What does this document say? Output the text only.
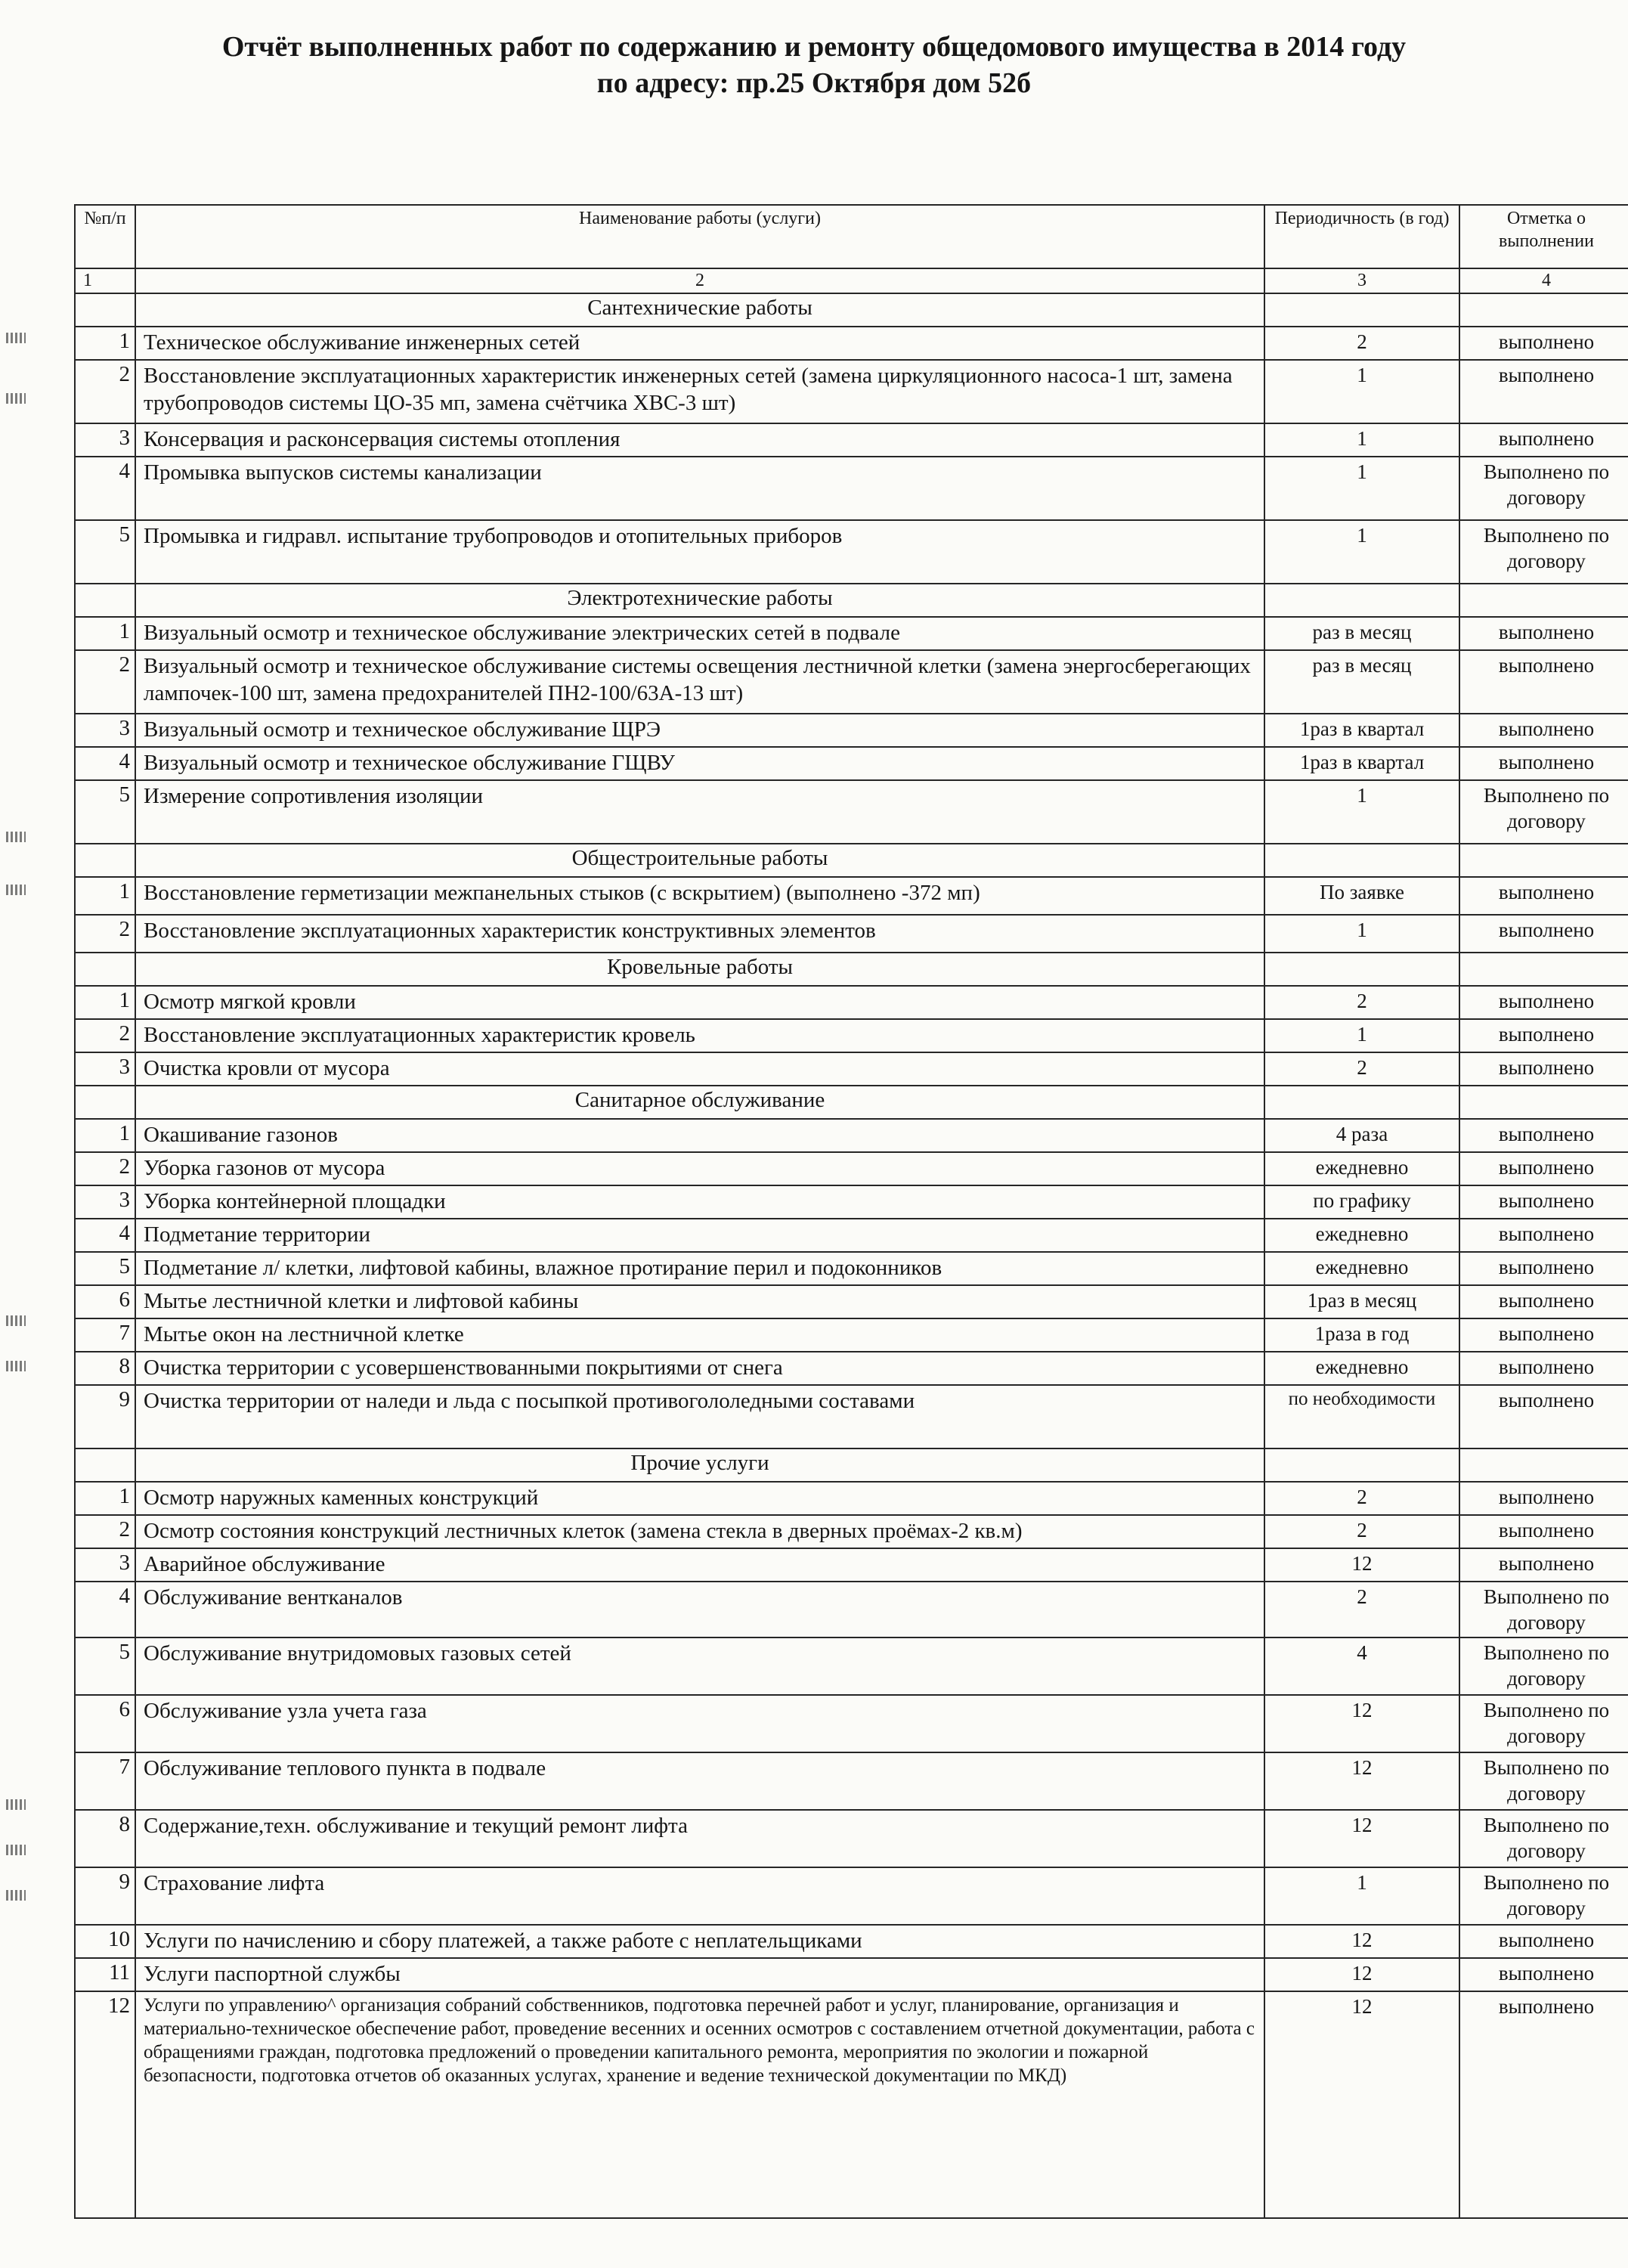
Отчёт выполненных работ по содержанию и ремонту общедомового имущества в 2014 году
по адресу: пр.25 Октября дом 52б
№п/п	Наименование работы (услуги)	Периодичность (в год)	Отметка о выполнении
1	2	3	4
	Сантехнические работы		
1	Техническое обслуживание инженерных сетей	2	выполнено
2	Восстановление эксплуатационных характеристик инженерных сетей (замена циркуляционного насоса-1 шт, замена трубопроводов системы ЦО-35 мп, замена счётчика ХВС-3 шт)	1	выполнено
3	Консервация и расконсервация системы отопления	1	выполнено
4	Промывка выпусков системы канализации	1	Выполнено по договору
5	Промывка и гидравл. испытание трубопроводов и отопительных приборов	1	Выполнено по договору
	Электротехнические работы		
1	Визуальный осмотр и техническое обслуживание электрических сетей в подвале	раз в месяц	выполнено
2	Визуальный осмотр и техническое обслуживание системы освещения лестничной клетки (замена энергосберегающих лампочек-100 шт, замена предохранителей ПН2-100/63А-13 шт)	раз в месяц	выполнено
3	Визуальный осмотр и техническое обслуживание ЩРЭ	1раз в квартал	выполнено
4	Визуальный осмотр и техническое обслуживание ГЩВУ	1раз в квартал	выполнено
5	Измерение сопротивления изоляции	1	Выполнено по договору
	Общестроительные работы		
1	Восстановление герметизации межпанельных стыков (с вскрытием) (выполнено -372 мп)	По заявке	выполнено
2	Восстановление эксплуатационных характеристик конструктивных элементов	1	выполнено
	Кровельные работы		
1	Осмотр мягкой кровли	2	выполнено
2	Восстановление эксплуатационных характеристик кровель	1	выполнено
3	Очистка кровли от мусора	2	выполнено
	Санитарное обслуживание		
1	Окашивание газонов	4 раза	выполнено
2	Уборка газонов от мусора	ежедневно	выполнено
3	Уборка контейнерной площадки	по графику	выполнено
4	Подметание территории	ежедневно	выполнено
5	Подметание л/ клетки, лифтовой кабины, влажное протирание перил и подоконников	ежедневно	выполнено
6	Мытье лестничной клетки и лифтовой кабины	1раз в месяц	выполнено
7	Мытье окон на лестничной клетке	1раза в год	выполнено
8	Очистка территории с усовершенствованными покрытиями от снега	ежедневно	выполнено
9	Очистка территории от наледи и льда с посыпкой противогололедными составами	по необходимости	выполнено
	Прочие услуги		
1	Осмотр наружных каменных конструкций	2	выполнено
2	Осмотр состояния конструкций лестничных клеток (замена стекла в дверных проёмах-2 кв.м)	2	выполнено
3	Аварийное обслуживание	12	выполнено
4	Обслуживание вентканалов	2	Выполнено по договору
5	Обслуживание внутридомовых газовых сетей	4	Выполнено по договору
6	Обслуживание узла учета газа	12	Выполнено по договору
7	Обслуживание теплового пункта в подвале	12	Выполнено по договору
8	Содержание,техн. обслуживание и текущий ремонт лифта	12	Выполнено по договору
9	Страхование лифта	1	Выполнено по договору
10	Услуги по начислению и сбору платежей, а также работе с неплательщиками	12	выполнено
11	Услуги паспортной службы	12	выполнено
12	Услуги по управлению^ организация собраний собственников, подготовка перечней работ и услуг, планирование, организация и материально-техническое обеспечение работ, проведение весенних и осенних осмотров с составлением отчетной документации, работа с обращениями граждан, подготовка предложений о проведении капитального ремонта, мероприятия по экологии и пожарной безопасности, подготовка отчетов об оказанных услугах, хранение и ведение технической документации по МКД)	12	выполнено
